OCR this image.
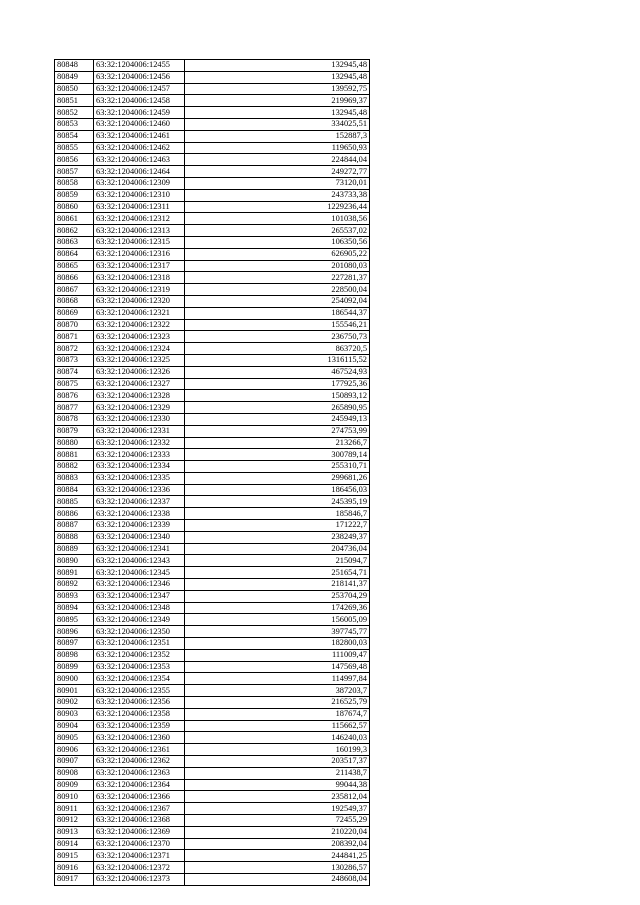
80848	63:32:1204006:12455	132945,48
80849	63:32:1204006:12456	132945,48
80850	63:32:1204006:12457	139592,75
80851	63:32:1204006:12458	219969,37
80852	63:32:1204006:12459	132945,48
80853	63:32:1204006:12460	334025,51
80854	63:32:1204006:12461	152887,3
80855	63:32:1204006:12462	119650,93
80856	63:32:1204006:12463	224844,04
80857	63:32:1204006:12464	249272,77
80858	63:32:1204006:12309	73120,01
80859	63:32:1204006:12310	243733,38
80860	63:32:1204006:12311	1229236,44
80861	63:32:1204006:12312	101038,56
80862	63:32:1204006:12313	265537,02
80863	63:32:1204006:12315	106350,56
80864	63:32:1204006:12316	626905,22
80865	63:32:1204006:12317	201080,03
80866	63:32:1204006:12318	227281,37
80867	63:32:1204006:12319	228500,04
80868	63:32:1204006:12320	254092,04
80869	63:32:1204006:12321	186544,37
80870	63:32:1204006:12322	155546,21
80871	63:32:1204006:12323	236750,73
80872	63:32:1204006:12324	863720,5
80873	63:32:1204006:12325	1316115,52
80874	63:32:1204006:12326	467524,93
80875	63:32:1204006:12327	177925,36
80876	63:32:1204006:12328	150893,12
80877	63:32:1204006:12329	265890,95
80878	63:32:1204006:12330	245949,13
80879	63:32:1204006:12331	274753,99
80880	63:32:1204006:12332	213266,7
80881	63:32:1204006:12333	300789,14
80882	63:32:1204006:12334	255310,71
80883	63:32:1204006:12335	299681,26
80884	63:32:1204006:12336	186456,03
80885	63:32:1204006:12337	245395,19
80886	63:32:1204006:12338	185846,7
80887	63:32:1204006:12339	171222,7
80888	63:32:1204006:12340	238249,37
80889	63:32:1204006:12341	204736,04
80890	63:32:1204006:12343	215094,7
80891	63:32:1204006:12345	251654,71
80892	63:32:1204006:12346	218141,37
80893	63:32:1204006:12347	253704,29
80894	63:32:1204006:12348	174269,36
80895	63:32:1204006:12349	156005,09
80896	63:32:1204006:12350	397745,77
80897	63:32:1204006:12351	182800,03
80898	63:32:1204006:12352	111009,47
80899	63:32:1204006:12353	147569,48
80900	63:32:1204006:12354	114997,84
80901	63:32:1204006:12355	387203,7
80902	63:32:1204006:12356	216525,79
80903	63:32:1204006:12358	187674,7
80904	63:32:1204006:12359	115662,57
80905	63:32:1204006:12360	146240,03
80906	63:32:1204006:12361	160199,3
80907	63:32:1204006:12362	203517,37
80908	63:32:1204006:12363	211438,7
80909	63:32:1204006:12364	99044,38
80910	63:32:1204006:12366	235812,04
80911	63:32:1204006:12367	192549,37
80912	63:32:1204006:12368	72455,29
80913	63:32:1204006:12369	210220,04
80914	63:32:1204006:12370	208392,04
80915	63:32:1204006:12371	244841,25
80916	63:32:1204006:12372	130286,57
80917	63:32:1204006:12373	248608,04
